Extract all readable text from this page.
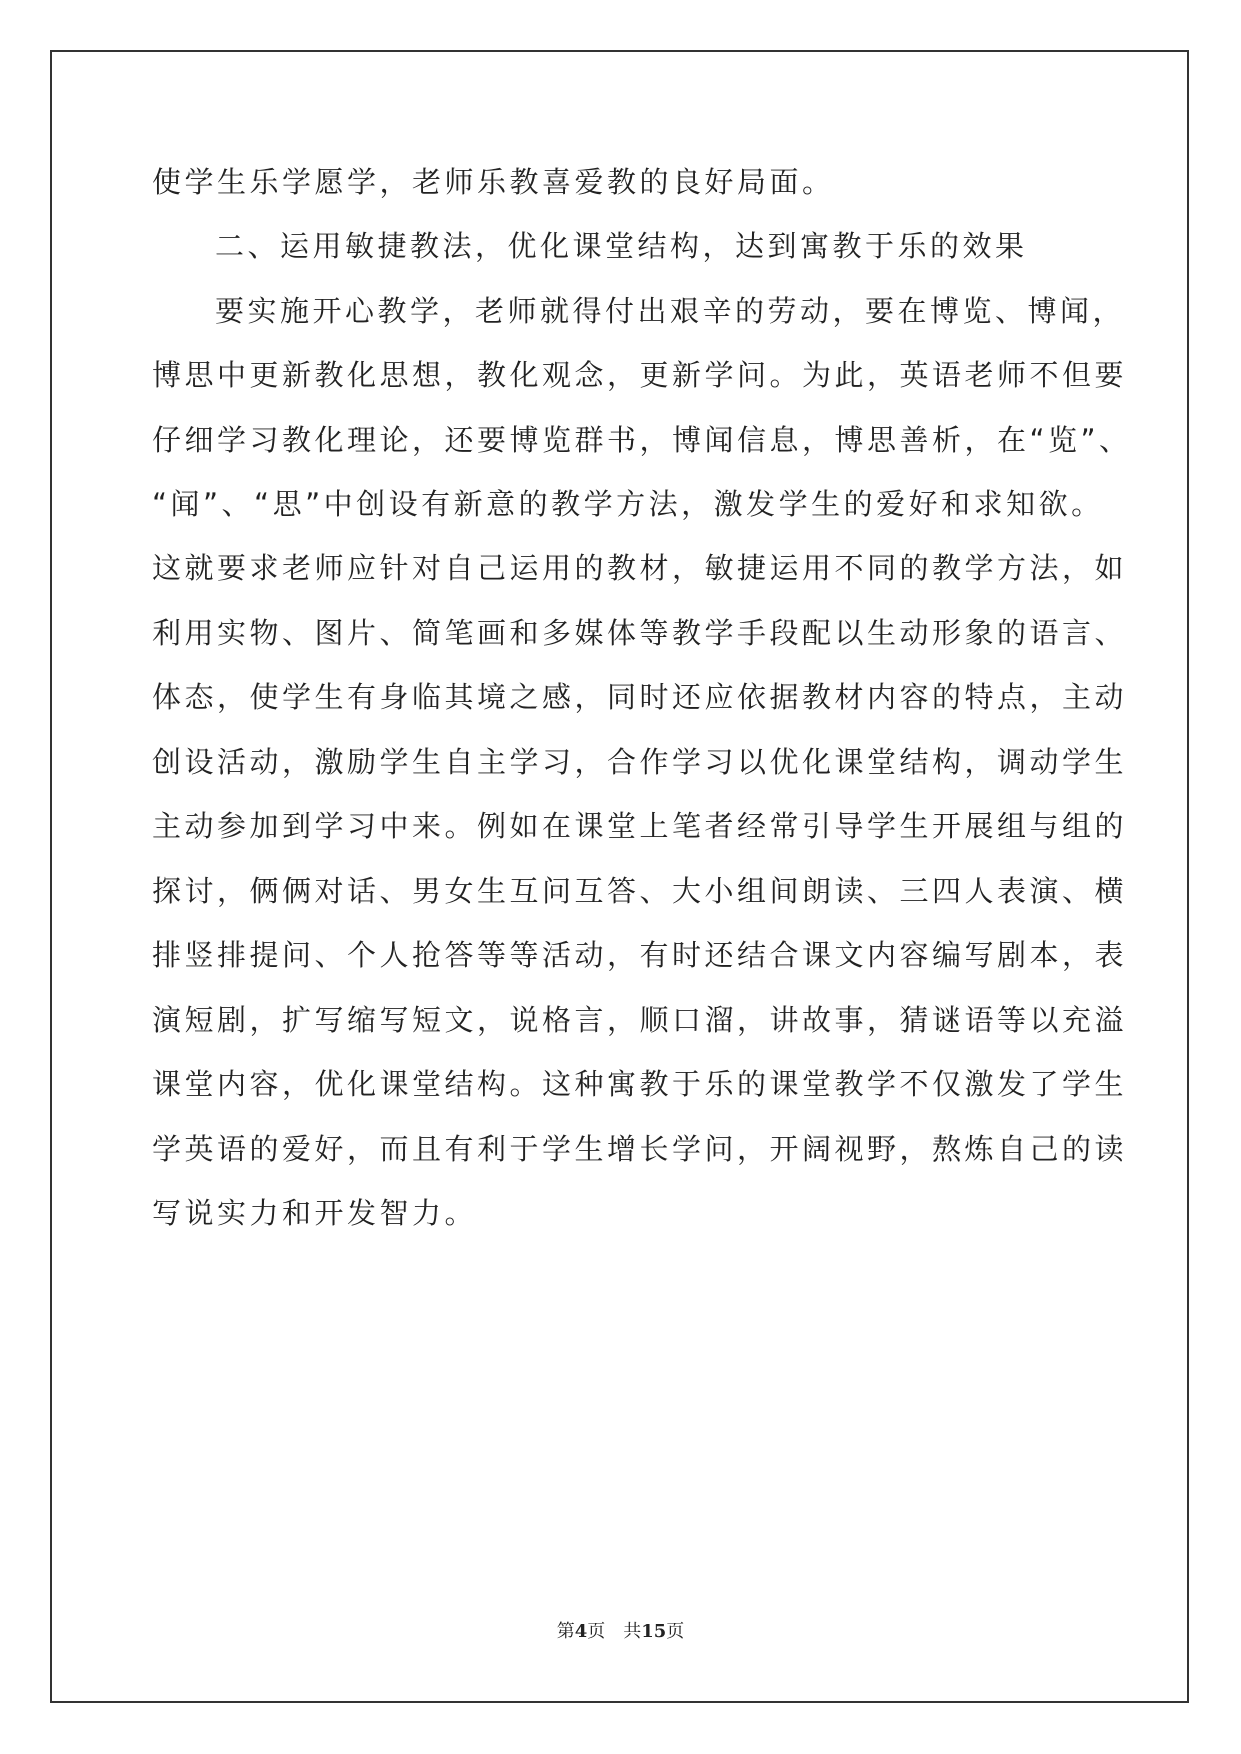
使学生乐学愿学，老师乐教喜爱教的良好局面。
二、运用敏捷教法，优化课堂结构，达到寓教于乐的效果
要实施开心教学，老师就得付出艰辛的劳动，要在博览、博闻，
博思中更新教化思想，教化观念，更新学问。为此，英语老师不但要
仔细学习教化理论，还要博览群书，博闻信息，博思善析，在“览”、
“闻”、“思”中创设有新意的教学方法，激发学生的爱好和求知欲。
这就要求老师应针对自己运用的教材，敏捷运用不同的教学方法，如
利用实物、图片、简笔画和多媒体等教学手段配以生动形象的语言、
体态，使学生有身临其境之感，同时还应依据教材内容的特点，主动
创设活动，激励学生自主学习，合作学习以优化课堂结构，调动学生
主动参加到学习中来。例如在课堂上笔者经常引导学生开展组与组的
探讨，俩俩对话、男女生互问互答、大小组间朗读、三四人表演、横
排竖排提问、个人抢答等等活动，有时还结合课文内容编写剧本，表
演短剧，扩写缩写短文，说格言，顺口溜，讲故事，猜谜语等以充溢
课堂内容，优化课堂结构。这种寓教于乐的课堂教学不仅激发了学生
学英语的爱好，而且有利于学生增长学问，开阔视野，熬炼自己的读
写说实力和开发智力。
第4页 共15页
